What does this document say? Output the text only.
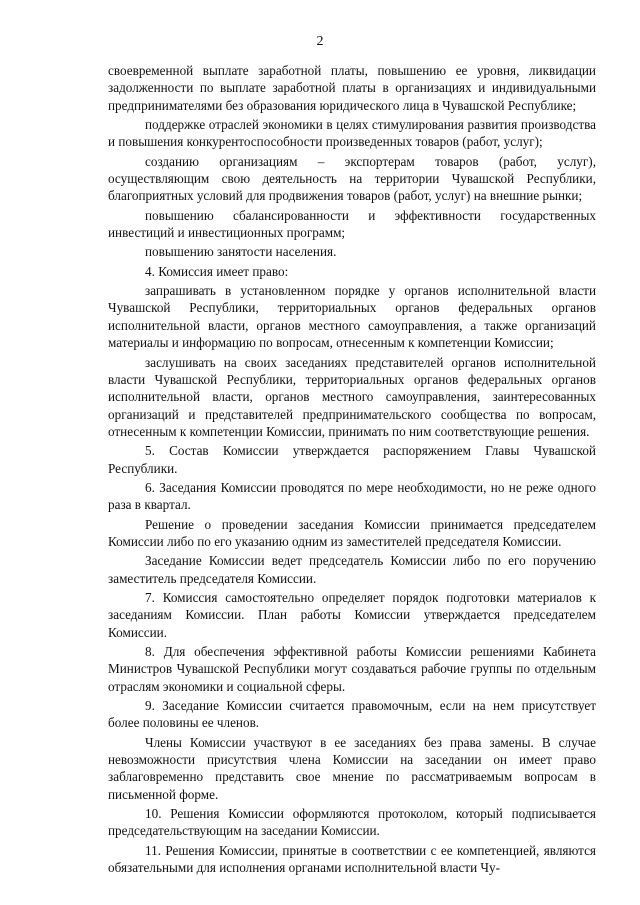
2

своевременной выплате заработной платы, повышению ее уровня, ликвидации задолженности по выплате заработной платы в организациях и индивидуальными предпринимателями без образования юридического лица в Чувашской Республике;

поддержке отраслей экономики в целях стимулирования развития производства и повышения конкурентоспособности произведенных товаров (работ, услуг);

созданию организациям – экспортерам товаров (работ, услуг), осуществляющим свою деятельность на территории Чувашской Республики, благоприятных условий для продвижения товаров (работ, услуг) на внешние рынки;

повышению сбалансированности и эффективности государственных инвестиций и инвестиционных программ;

повышению занятости населения.

4. Комиссия имеет право:

запрашивать в установленном порядке у органов исполнительной власти Чувашской Республики, территориальных органов федеральных органов исполнительной власти, органов местного самоуправления, а также организаций материалы и информацию по вопросам, отнесенным к компетенции Комиссии;

заслушивать на своих заседаниях представителей органов исполнительной власти Чувашской Республики, территориальных органов федеральных органов исполнительной власти, органов местного самоуправления, заинтересованных организаций и представителей предпринимательского сообщества по вопросам, отнесенным к компетенции Комиссии, принимать по ним соответствующие решения.

5. Состав Комиссии утверждается распоряжением Главы Чувашской Республики.

6. Заседания Комиссии проводятся по мере необходимости, но не реже одного раза в квартал.

Решение о проведении заседания Комиссии принимается председателем Комиссии либо по его указанию одним из заместителей председателя Комиссии.

Заседание Комиссии ведет председатель Комиссии либо по его поручению заместитель председателя Комиссии.

7. Комиссия самостоятельно определяет порядок подготовки материалов к заседаниям Комиссии. План работы Комиссии утверждается председателем Комиссии.

8. Для обеспечения эффективной работы Комиссии решениями Кабинета Министров Чувашской Республики могут создаваться рабочие группы по отдельным отраслям экономики и социальной сферы.

9. Заседание Комиссии считается правомочным, если на нем присутствует более половины ее членов.

Члены Комиссии участвуют в ее заседаниях без права замены. В случае невозможности присутствия члена Комиссии на заседании он имеет право заблаговременно представить свое мнение по рассматриваемым вопросам в письменной форме.

10. Решения Комиссии оформляются протоколом, который подписывается председательствующим на заседании Комиссии.

11. Решения Комиссии, принятые в соответствии с ее компетенцией, являются обязательными для исполнения органами исполнительной власти Чу-
